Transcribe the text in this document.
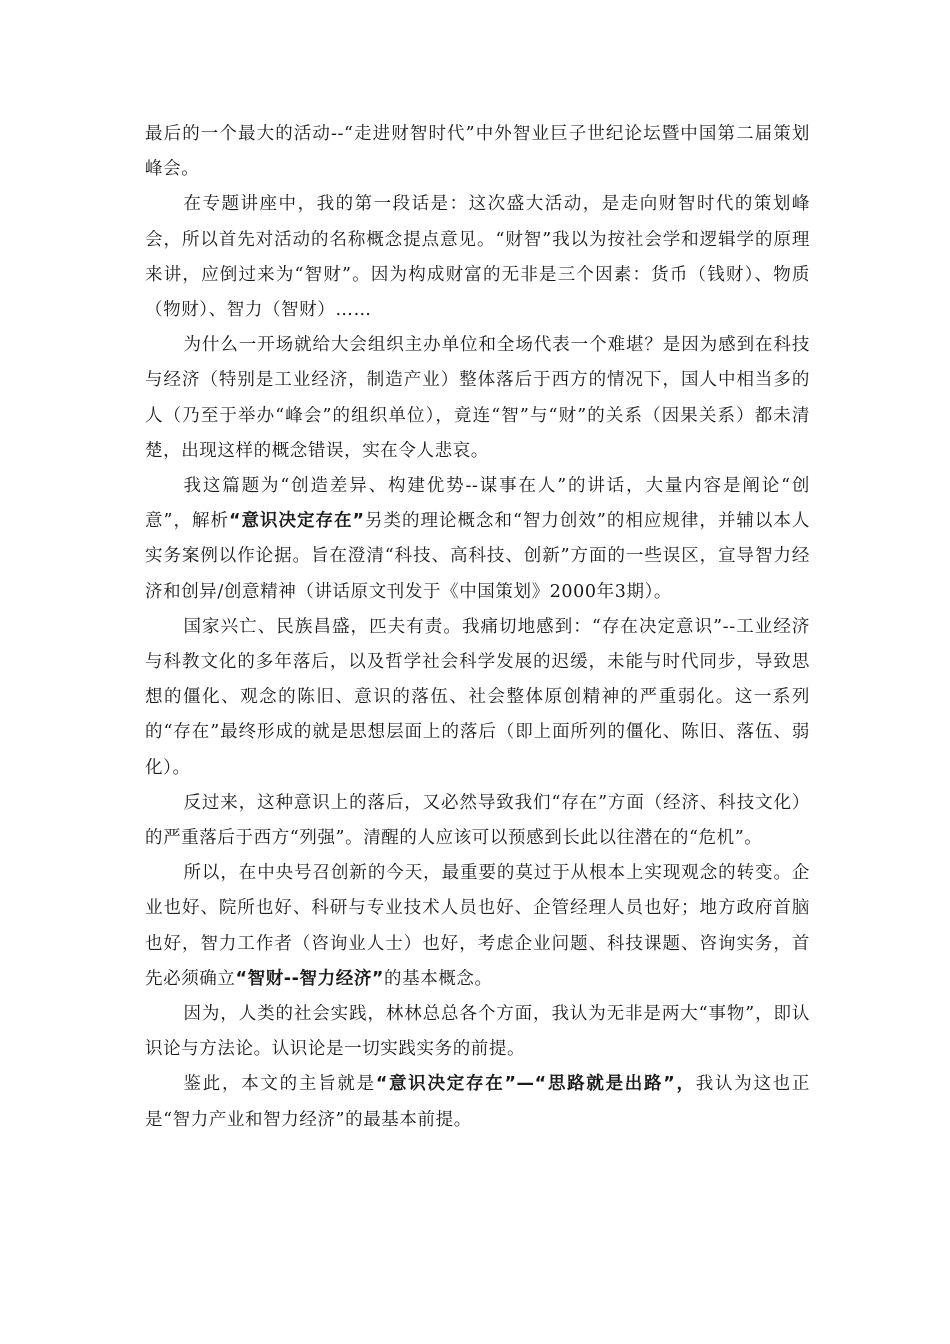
最后的一个最大的活动--“走进财智时代”中外智业巨子世纪论坛暨中国第二届策划峰会。

在专题讲座中，我的第一段话是：这次盛大活动，是走向财智时代的策划峰会，所以首先对活动的名称概念提点意见。“财智”我以为按社会学和逻辑学的原理来讲，应倒过来为“智财”。因为构成财富的无非是三个因素：货币（钱财）、物质（物财）、智力（智财）……

为什么一开场就给大会组织主办单位和全场代表一个难堪？是因为感到在科技与经济（特别是工业经济，制造产业）整体落后于西方的情况下，国人中相当多的人（乃至于举办“峰会”的组织单位），竟连“智”与“财”的关系（因果关系）都未清楚，出现这样的概念错误，实在令人悲哀。

我这篇题为“创造差异、构建优势--谋事在人”的讲话，大量内容是阐论“创意”，解析“意识决定存在”另类的理论概念和“智力创效”的相应规律，并辅以本人实务案例以作论据。旨在澄清“科技、高科技、创新”方面的一些误区，宣导智力经济和创异/创意精神（讲话原文刊发于《中国策划》2000年3期）。

国家兴亡、民族昌盛，匹夫有责。我痛切地感到：“存在决定意识”--工业经济与科教文化的多年落后，以及哲学社会科学发展的迟缓，未能与时代同步，导致思想的僵化、观念的陈旧、意识的落伍、社会整体原创精神的严重弱化。这一系列的“存在”最终形成的就是思想层面上的落后（即上面所列的僵化、陈旧、落伍、弱化）。

反过来，这种意识上的落后，又必然导致我们“存在”方面（经济、科技文化）的严重落后于西方“列强”。清醒的人应该可以预感到长此以往潜在的“危机”。

所以，在中央号召创新的今天，最重要的莫过于从根本上实现观念的转变。企业也好、院所也好、科研与专业技术人员也好、企管经理人员也好；地方政府首脑也好，智力工作者（咨询业人士）也好，考虑企业问题、科技课题、咨询实务，首先必须确立“智财--智力经济”的基本概念。

因为，人类的社会实践，林林总总各个方面，我认为无非是两大“事物”，即认识论与方法论。认识论是一切实践实务的前提。

鉴此，本文的主旨就是“意识决定存在”—“思路就是出路”，我认为这也正是“智力产业和智力经济”的最基本前提。
